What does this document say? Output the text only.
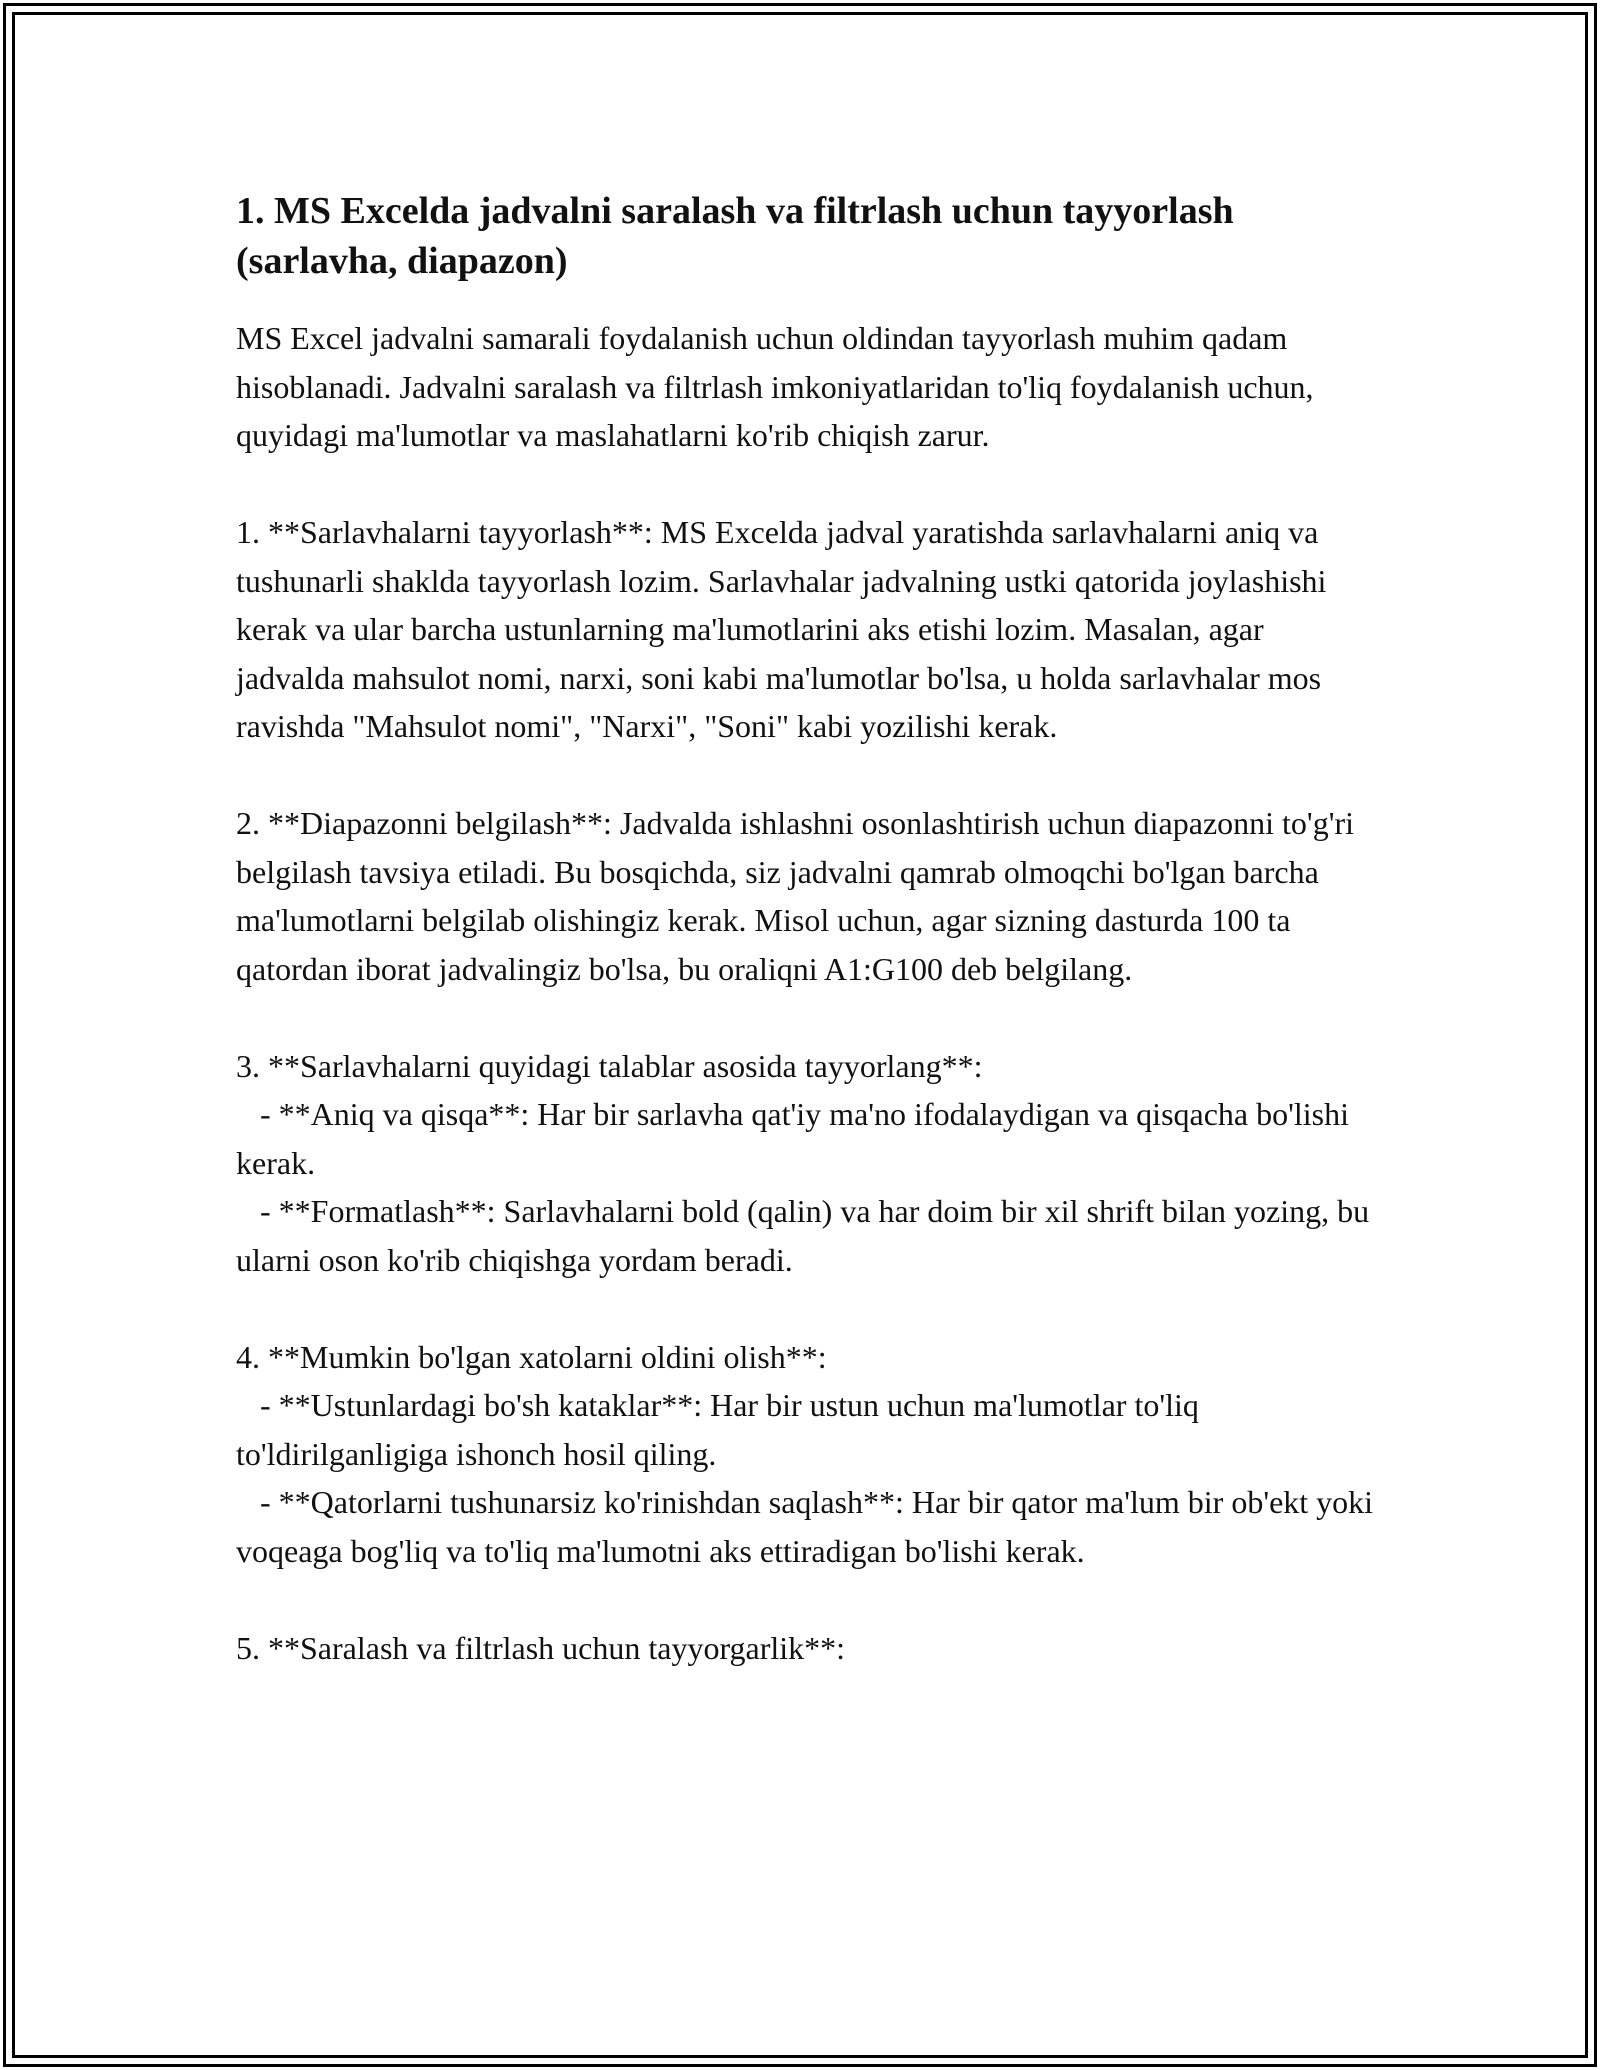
1. MS Excelda jadvalni saralash va filtrlash uchun tayyorlash (sarlavha, diapazon)

MS Excel jadvalni samarali foydalanish uchun oldindan tayyorlash muhim qadam hisoblanadi. Jadvalni saralash va filtrlash imkoniyatlaridan to'liq foydalanish uchun, quyidagi ma'lumotlar va maslahatlarni ko'rib chiqish zarur.

1. **Sarlavhalarni tayyorlash**: MS Excelda jadval yaratishda sarlavhalarni aniq va tushunarli shaklda tayyorlash lozim. Sarlavhalar jadvalning ustki qatorida joylashishi kerak va ular barcha ustunlarning ma'lumotlarini aks etishi lozim. Masalan, agar jadvalda mahsulot nomi, narxi, soni kabi ma'lumotlar bo'lsa, u holda sarlavhalar mos ravishda "Mahsulot nomi", "Narxi", "Soni" kabi yozilishi kerak.

2. **Diapazonni belgilash**: Jadvalda ishlashni osonlashtirish uchun diapazonni to'g'ri belgilash tavsiya etiladi. Bu bosqichda, siz jadvalni qamrab olmoqchi bo'lgan barcha ma'lumotlarni belgilab olishingiz kerak. Misol uchun, agar sizning dasturda 100 ta qatordan iborat jadvalingiz bo'lsa, bu oraliqni A1:G100 deb belgilang.

3. **Sarlavhalarni quyidagi talablar asosida tayyorlang**:

- **Aniq va qisqa**: Har bir sarlavha qat'iy ma'no ifodalaydigan va qisqacha bo'lishi kerak.

- **Formatlash**: Sarlavhalarni bold (qalin) va har doim bir xil shrift bilan yozing, bu ularni oson ko'rib chiqishga yordam beradi.

4. **Mumkin bo'lgan xatolarni oldini olish**:

- **Ustunlardagi bo'sh kataklar**: Har bir ustun uchun ma'lumotlar to'liq to'ldirilganligiga ishonch hosil qiling.

- **Qatorlarni tushunarsiz ko'rinishdan saqlash**: Har bir qator ma'lum bir ob'ekt yoki voqeaga bog'liq va to'liq ma'lumotni aks ettiradigan bo'lishi kerak.

5. **Saralash va filtrlash uchun tayyorgarlik**:
